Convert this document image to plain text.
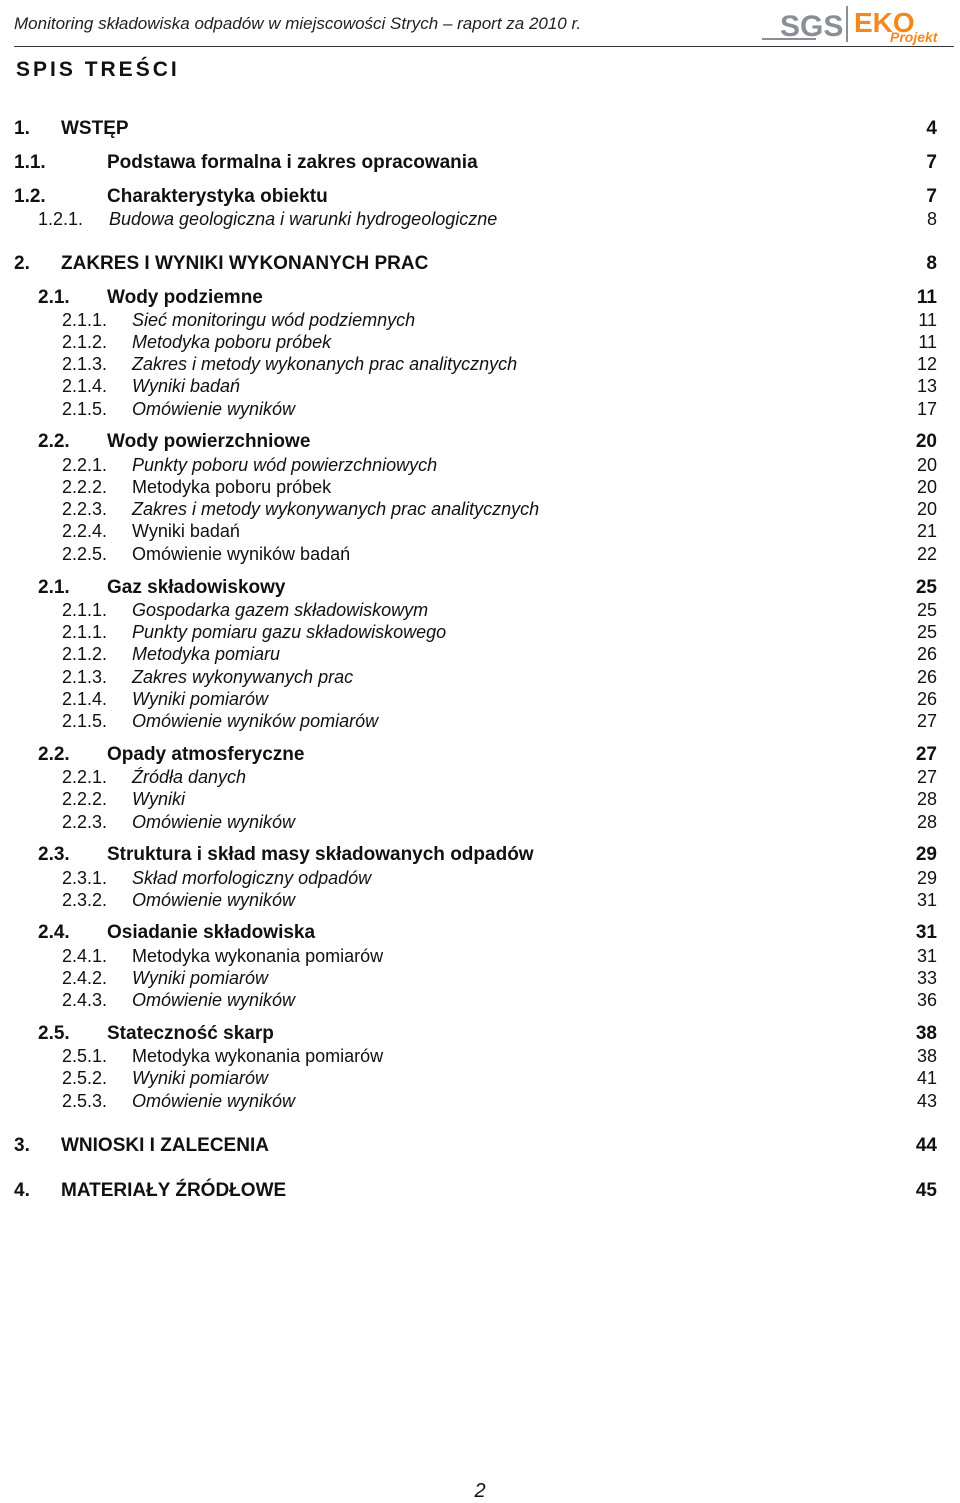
Monitoring składowiska odpadów w miejscowości Strych – raport za 2010 r.	SGS EKO
Projekt
SPIS TREŚCI
1. WSTĘP	4
1.1.	Podstawa formalna i zakres opracowania	7
1.2.	Charakterystyka obiektu	7
1.2.1. Budowa geologiczna i warunki hydrogeologiczne	8
2. ZAKRES I WYNIKI WYKONANYCH PRAC	8
2.1. Wody podziemne	11
2.1.1. Sieć monitoringu wód podziemnych	11
2.1.2. Metodyka poboru próbek	11
2.1.3. Zakres i metody wykonanych prac analitycznych	12
2.1.4. Wyniki badań	13
2.1.5. Omówienie wyników	17
2.2. Wody powierzchniowe	20
2.2.1. Punkty poboru wód powierzchniowych	20
2.2.2. Metodyka poboru próbek	20
2.2.3. Zakres i metody wykonywanych prac analitycznych	20
2.2.4. Wyniki badań	21
2.2.5. Omówienie wyników badań	22
2.1. Gaz składowiskowy	25
2.1.1. Gospodarka gazem składowiskowym	25
2.1.1. Punkty pomiaru gazu składowiskowego	25
2.1.2. Metodyka pomiaru	26
2.1.3. Zakres wykonywanych prac	26
2.1.4. Wyniki pomiarów	26
2.1.5. Omówienie wyników pomiarów	27
2.2. Opady atmosferyczne	27
2.2.1. Źródła danych	27
2.2.2. Wyniki	28
2.2.3. Omówienie wyników	28
2.3. Struktura i skład masy składowanych odpadów	29
2.3.1. Skład morfologiczny odpadów	29
2.3.2. Omówienie wyników	31
2.4. Osiadanie składowiska	31
2.4.1. Metodyka wykonania pomiarów	31
2.4.2. Wyniki pomiarów	33
2.4.3. Omówienie wyników	36
2.5. Stateczność skarp	38
2.5.1. Metodyka wykonania pomiarów	38
2.5.2. Wyniki pomiarów	41
2.5.3. Omówienie wyników	43
3. WNIOSKI I ZALECENIA	44
4. MATERIAŁY ŹRÓDŁOWE	45
2
